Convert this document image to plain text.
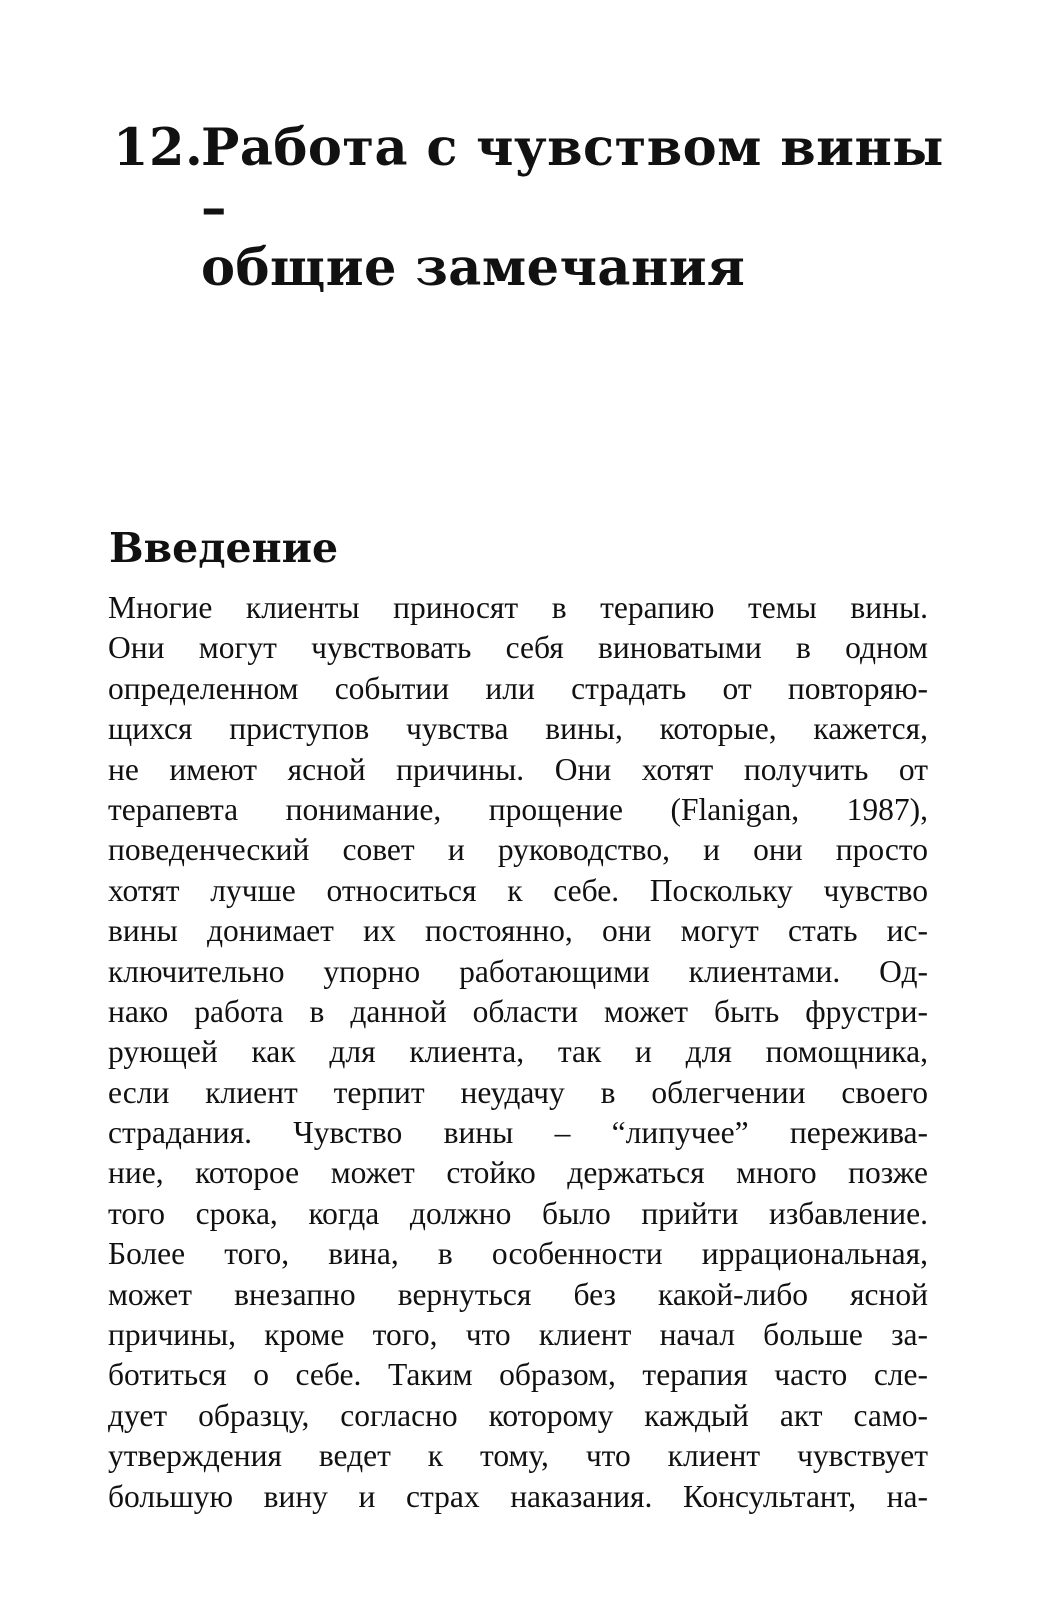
12.
Работа с чувством вины –
общие замечания
Введение

Многие клиенты приносят в терапию темы вины.
Они могут чувствовать себя виноватыми в одном
определенном событии или страдать от повторяю-
щихся приступов чувства вины, которые, кажется,
не имеют ясной причины. Они хотят получить от
терапевта понимание, прощение (Flanigan, 1987),
поведенческий совет и руководство, и они просто
хотят лучше относиться к себе. Поскольку чувство
вины донимает их постоянно, они могут стать ис-
ключительно упорно работающими клиентами. Од-
нако работа в данной области может быть фрустри-
рующей как для клиента, так и для помощника,
если клиент терпит неудачу в облегчении своего
страдания. Чувство вины – “липучее” пережива-
ние, которое может стойко держаться много позже
того срока, когда должно было прийти избавление.
Более того, вина, в особенности иррациональная,
может внезапно вернуться без какой-либо ясной
причины, кроме того, что клиент начал больше за-
ботиться о себе. Таким образом, терапия часто сле-
дует образцу, согласно которому каждый акт само-
утверждения ведет к тому, что клиент чувствует
большую вину и страх наказания. Консультант, на-
